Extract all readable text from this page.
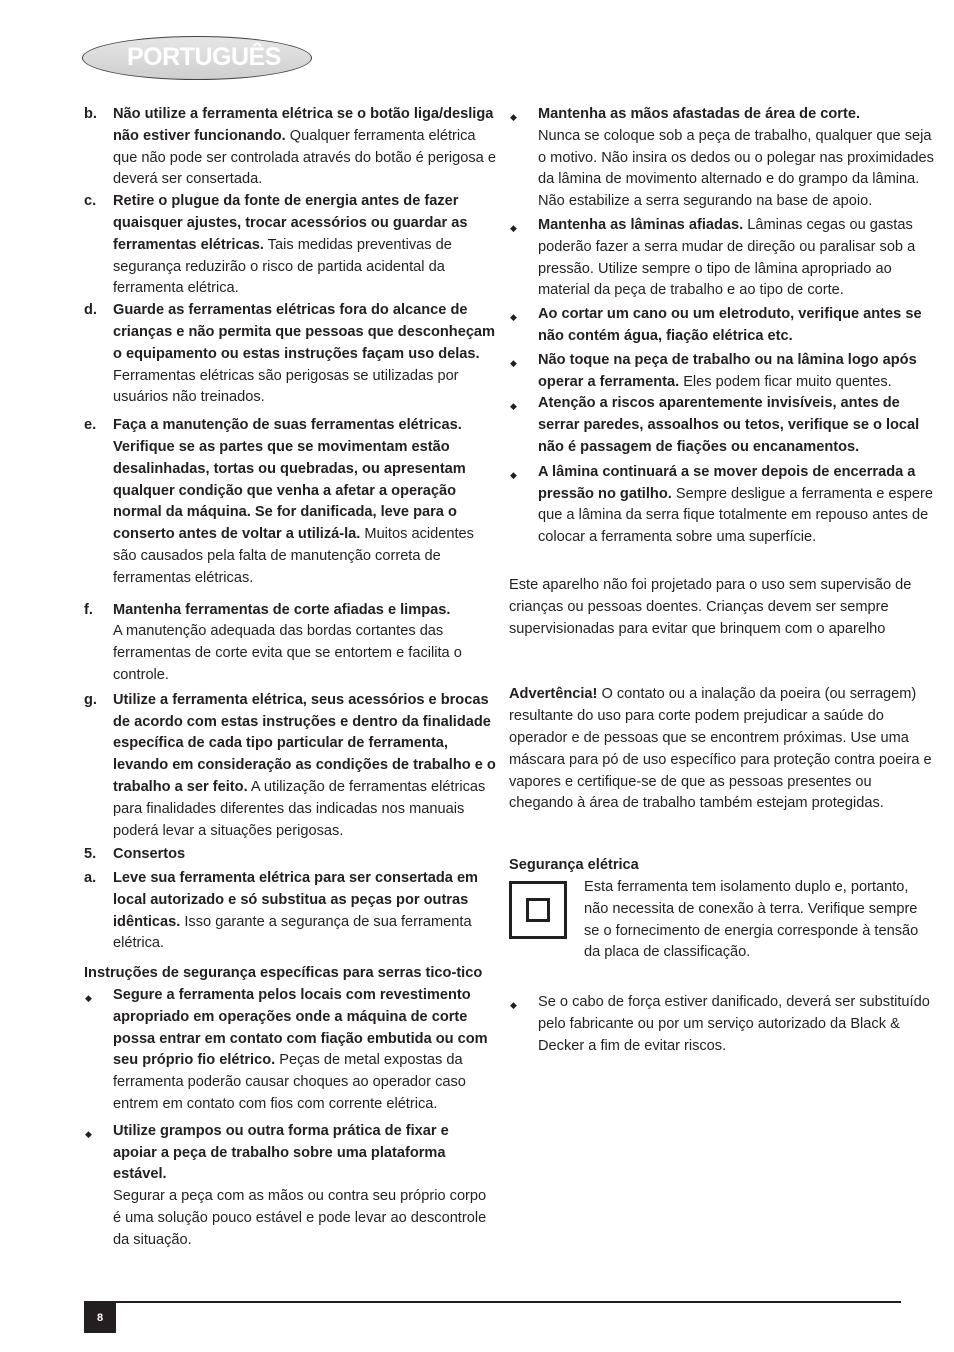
PORTUGUÊS
b. Não utilize a ferramenta elétrica se o botão liga/desliga não estiver funcionando. Qualquer ferramenta elétrica que não pode ser controlada através do botão é perigosa e deverá ser consertada.
c. Retire o plugue da fonte de energia antes de fazer quaisquer ajustes, trocar acessórios ou guardar as ferramentas elétricas. Tais medidas preventivas de segurança reduzirão o risco de partida acidental da ferramenta elétrica.
d. Guarde as ferramentas elétricas fora do alcance de crianças e não permita que pessoas que desconheçam o equipamento ou estas instruções façam uso delas.
Ferramentas elétricas são perigosas se utilizadas por usuários não treinados.
e. Faça a manutenção de suas ferramentas elétricas. Verifique se as partes que se movimentam estão desalinhadas, tortas ou quebradas, ou apresentam qualquer condição que venha a afetar a operação normal da máquina. Se for danificada, leve para o conserto antes de voltar a utilizá-la. Muitos acidentes são causados pela falta de manutenção correta de ferramentas elétricas.
f. Mantenha ferramentas de corte afiadas e limpas.
A manutenção adequada das bordas cortantes das ferramentas de corte evita que se entortem e facilita o controle.
g. Utilize a ferramenta elétrica, seus acessórios e brocas de acordo com estas instruções e dentro da finalidade específica de cada tipo particular de ferramenta, levando em consideração as condições de trabalho e o trabalho a ser feito. A utilização de ferramentas elétricas para finalidades diferentes das indicadas nos manuais poderá levar a situações perigosas.
5. Consertos
a. Leve sua ferramenta elétrica para ser consertada em local autorizado e só substitua as peças por outras idênticas. Isso garante a segurança de sua ferramenta elétrica.

Instruções de segurança específicas para serras tico-tico

◆ Segure a ferramenta pelos locais com revestimento apropriado em operações onde a máquina de corte possa entrar em contato com fiação embutida ou com seu próprio fio elétrico. Peças de metal expostas da ferramenta poderão causar choques ao operador caso entrem em contato com fios com corrente elétrica.
◆ Utilize grampos ou outra forma prática de fixar e apoiar a peça de trabalho sobre uma plataforma estável.
Segurar a peça com as mãos ou contra seu próprio corpo é uma solução pouco estável e pode levar ao descontrole da situação.
◆ Mantenha as mãos afastadas de área de corte.
Nunca se coloque sob a peça de trabalho, qualquer que seja o motivo. Não insira os dedos ou o polegar nas proximidades da lâmina de movimento alternado e do grampo da lâmina. Não estabilize a serra segurando na base de apoio.
◆ Mantenha as lâminas afiadas. Lâminas cegas ou gastas poderão fazer a serra mudar de direção ou paralisar sob a pressão. Utilize sempre o tipo de lâmina apropriado ao material da peça de trabalho e ao tipo de corte.
◆ Ao cortar um cano ou um eletroduto, verifique antes se não contém água, fiação elétrica etc.
◆ Não toque na peça de trabalho ou na lâmina logo após operar a ferramenta. Eles podem ficar muito quentes.
◆ Atenção a riscos aparentemente invisíveis, antes de serrar paredes, assoalhos ou tetos, verifique se o local não é passagem de fiações ou encanamentos.
◆ A lâmina continuará a se mover depois de encerrada a pressão no gatilho. Sempre desligue a ferramenta e espere que a lâmina da serra fique totalmente em repouso antes de colocar a ferramenta sobre uma superfície.

Este aparelho não foi projetado para o uso sem supervisão de crianças ou pessoas doentes. Crianças devem ser sempre supervisionadas para evitar que brinquem com o aparelho

Advertência! O contato ou a inalação da poeira (ou serragem) resultante do uso para corte podem prejudicar a saúde do operador e de pessoas que se encontrem próximas. Use uma máscara para pó de uso específico para proteção contra poeira e vapores e certifique-se de que as pessoas presentes ou chegando à área de trabalho também estejam protegidas.

Segurança elétrica

Esta ferramenta tem isolamento duplo e, portanto, não necessita de conexão à terra. Verifique sempre se o fornecimento de energia corresponde à tensão da placa de classificação.
◆ Se o cabo de força estiver danificado, deverá ser substituído pelo fabricante ou por um serviço autorizado da Black & Decker a fim de evitar riscos.
8
